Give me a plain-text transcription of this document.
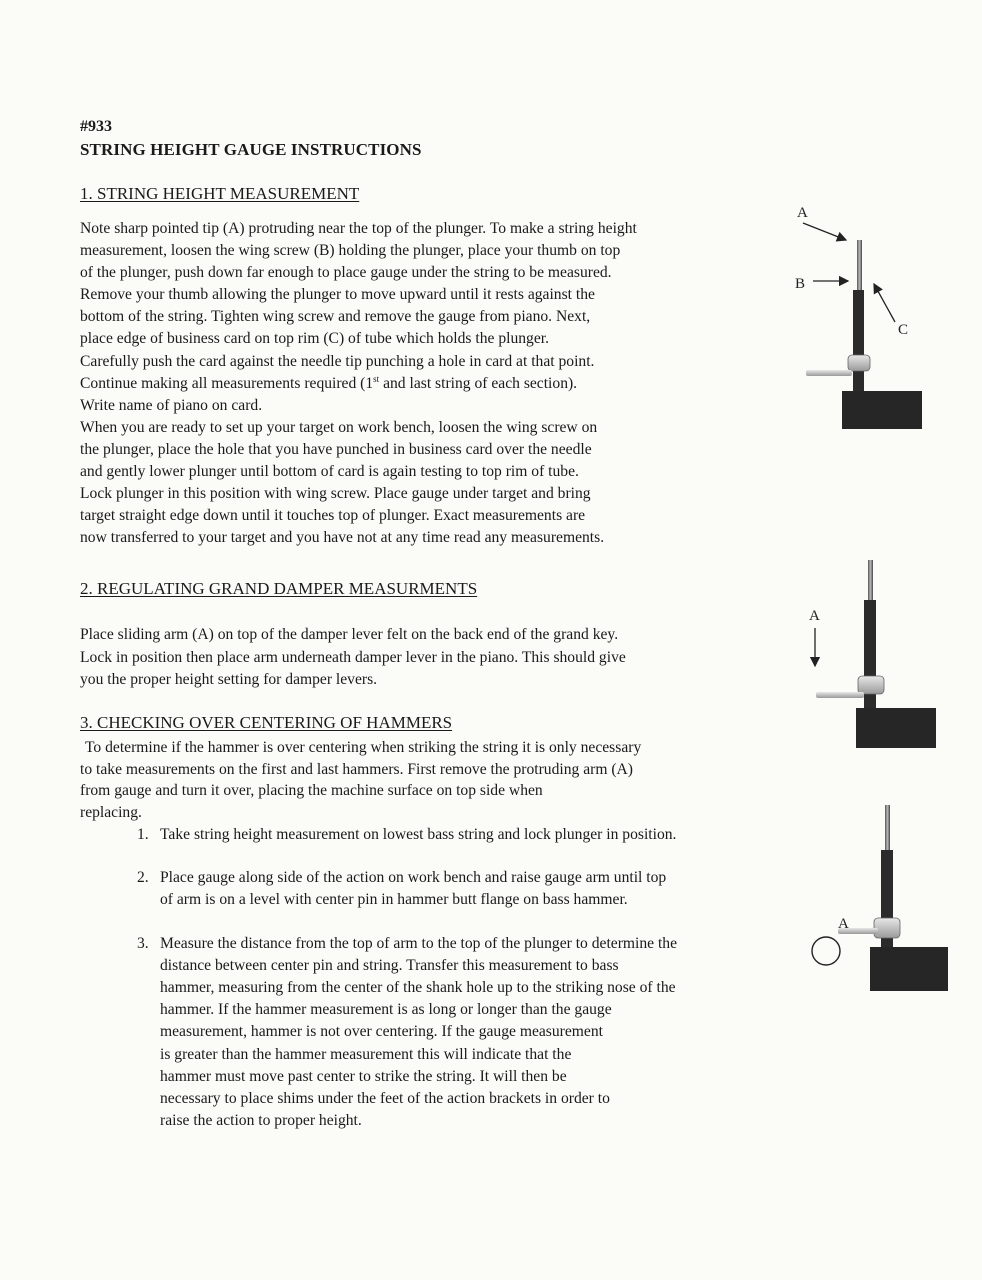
#933
STRING HEIGHT GAUGE INSTRUCTIONS
1. STRING HEIGHT MEASUREMENT
Note sharp pointed tip (A) protruding near the top of the plunger. To make a string height
measurement, loosen the wing screw (B) holding the plunger, place your thumb on top
of the plunger, push down far enough to place gauge under the string to be measured.
Remove your thumb allowing the plunger to move upward until it rests against the
bottom of the string. Tighten wing screw and remove the gauge from piano. Next,
place edge of business card on top rim (C) of tube which holds the plunger.
Carefully push the card against the needle tip punching a hole in card at that point.
Continue making all measurements required (1st and last string of each section).
Write name of piano on card.
When you are ready to set up your target on work bench, loosen the wing screw on
the plunger, place the hole that you have punched in business card over the needle
and gently lower plunger until bottom of card is again testing to top rim of tube.
Lock plunger in this position with wing screw. Place gauge under target and bring
target straight edge down until it touches top of plunger. Exact measurements are
now transferred to your target and you have not at any time read any measurements.
2. REGULATING GRAND DAMPER MEASURMENTS
Place sliding arm (A) on top of the damper lever felt on the back end of the grand key.
Lock in position then place arm underneath damper lever in the piano. This should give
you the proper height setting for damper levers.
3. CHECKING OVER CENTERING OF HAMMERS
To determine if the hammer is over centering when striking the string it is only necessary
to take measurements on the first and last hammers. First remove the protruding arm (A)
from gauge and turn it over, placing the machine surface on top side when
replacing.
1. Take string height measurement on lowest bass string and lock plunger in position.
2. Place gauge along side of the action on work bench and raise gauge arm until top
of arm is on a level with center pin in hammer butt flange on bass hammer.
3. Measure the distance from the top of arm to the top of the plunger to determine the
distance between center pin and string. Transfer this measurement to bass
hammer, measuring from the center of the shank hole up to the striking nose of the
hammer. If the hammer measurement is as long or longer than the gauge
measurement, hammer is not over centering. If the gauge measurement
is greater than the hammer measurement this will indicate that the
hammer must move past center to strike the string. It will then be
necessary to place shims under the feet of the action brackets in order to
raise the action to proper height.
A
B
C
A
A
